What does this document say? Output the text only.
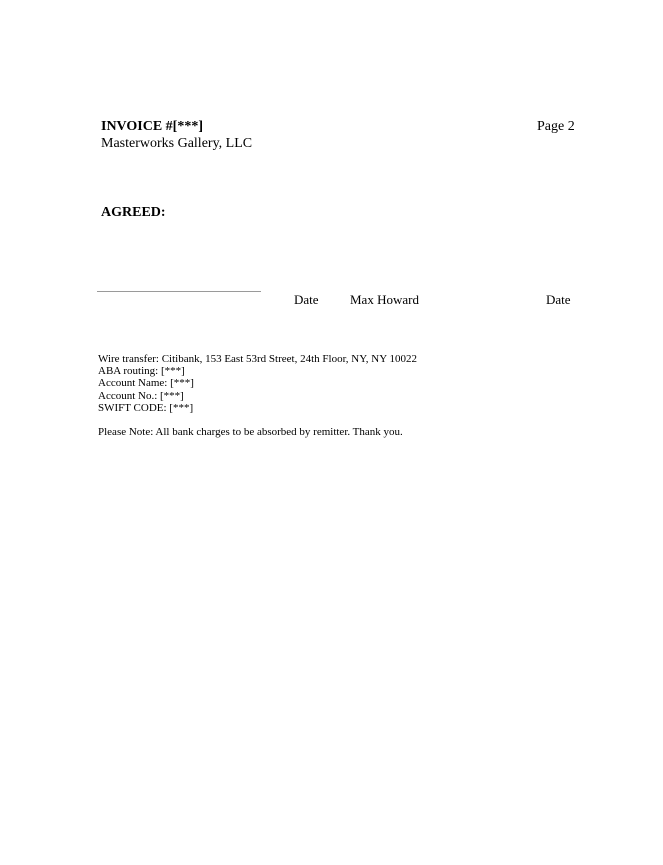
INVOICE #[***]	Page 2
Masterworks Gallery, LLC
AGREED:
Date Max Howard	Date
Wire transfer: Citibank, 153 East 53rd Street, 24th Floor, NY, NY 10022
ABA routing: [***]
Account Name: [***]
Account No.: [***]
SWIFT CODE: [***]
Please Note: All bank charges to be absorbed by remitter. Thank you.
